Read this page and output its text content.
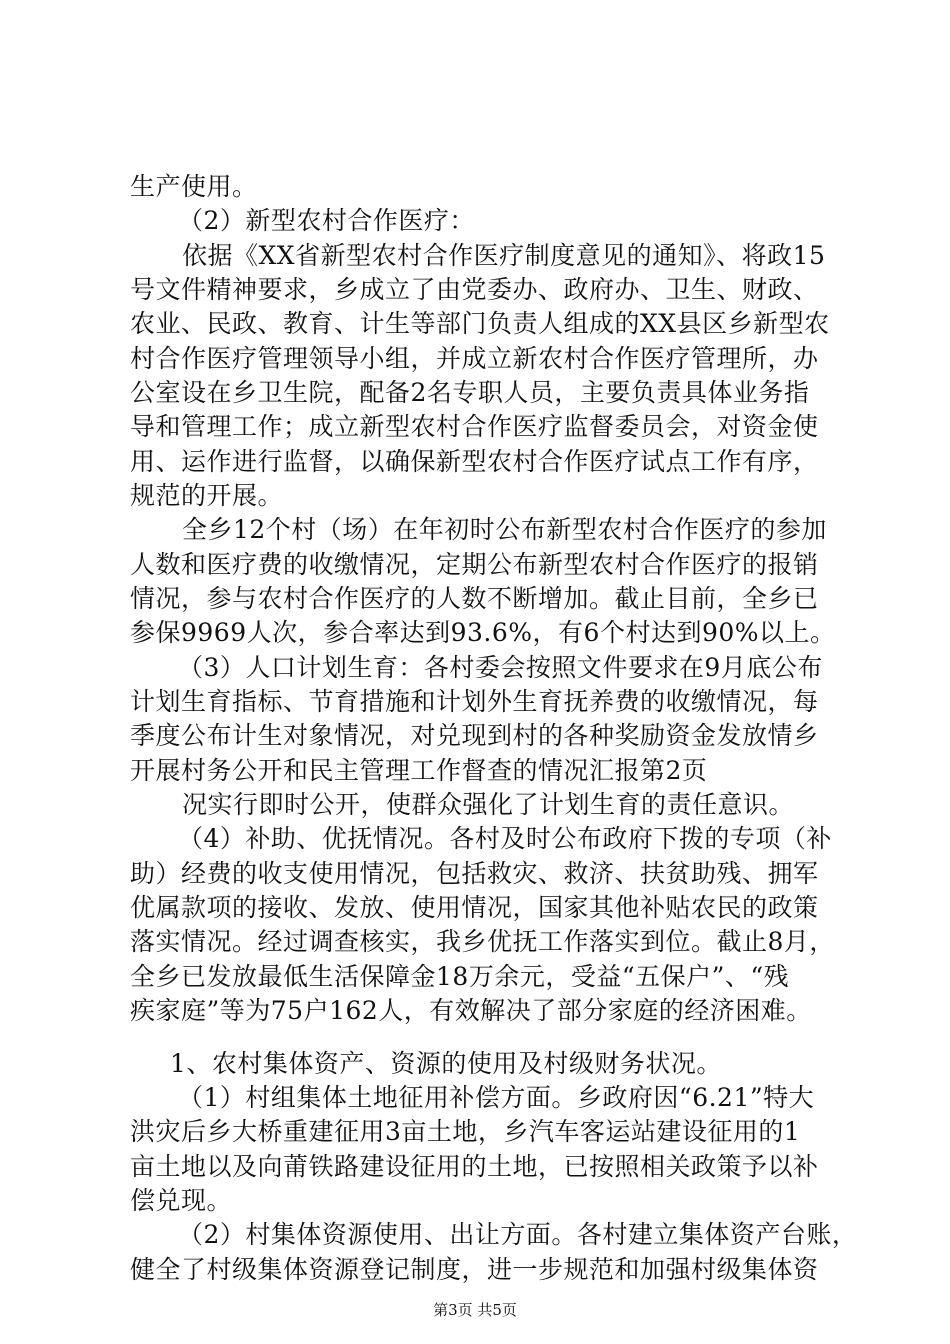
生产使用。
（2）新型农村合作医疗：
依据《XX省新型农村合作医疗制度意见的通知》、将政15
号文件精神要求，乡成立了由党委办、政府办、卫生、财政、
农业、民政、教育、计生等部门负责人组成的XX县区乡新型农
村合作医疗管理领导小组，并成立新农村合作医疗管理所，办
公室设在乡卫生院，配备2名专职人员，主要负责具体业务指
导和管理工作；成立新型农村合作医疗监督委员会，对资金使
用、运作进行监督，以确保新型农村合作医疗试点工作有序，
规范的开展。
全乡12个村（场）在年初时公布新型农村合作医疗的参加
人数和医疗费的收缴情况，定期公布新型农村合作医疗的报销
情况，参与农村合作医疗的人数不断增加。截止目前，全乡已
参保9969人次，参合率达到93.6%，有6个村达到90%以上。
（3）人口计划生育：各村委会按照文件要求在9月底公布
计划生育指标、节育措施和计划外生育抚养费的收缴情况，每
季度公布计生对象情况，对兑现到村的各种奖励资金发放情乡
开展村务公开和民主管理工作督查的情况汇报第2页
况实行即时公开，使群众强化了计划生育的责任意识。
（4）补助、优抚情况。各村及时公布政府下拨的专项（补
助）经费的收支使用情况，包括救灾、救济、扶贫助残、拥军
优属款项的接收、发放、使用情况，国家其他补贴农民的政策
落实情况。经过调查核实，我乡优抚工作落实到位。截止8月，
全乡已发放最低生活保障金18万余元，受益“五保户”、“残
疾家庭”等为75户162人，有效解决了部分家庭的经济困难。
1、农村集体资产、资源的使用及村级财务状况。
（1）村组集体土地征用补偿方面。乡政府因“6.21”特大
洪灾后乡大桥重建征用3亩土地，乡汽车客运站建设征用的1
亩土地以及向莆铁路建设征用的土地，已按照相关政策予以补
偿兑现。
（2）村集体资源使用、出让方面。各村建立集体资产台账，
健全了村级集体资源登记制度，进一步规范和加强村级集体资
第3页 共5页
